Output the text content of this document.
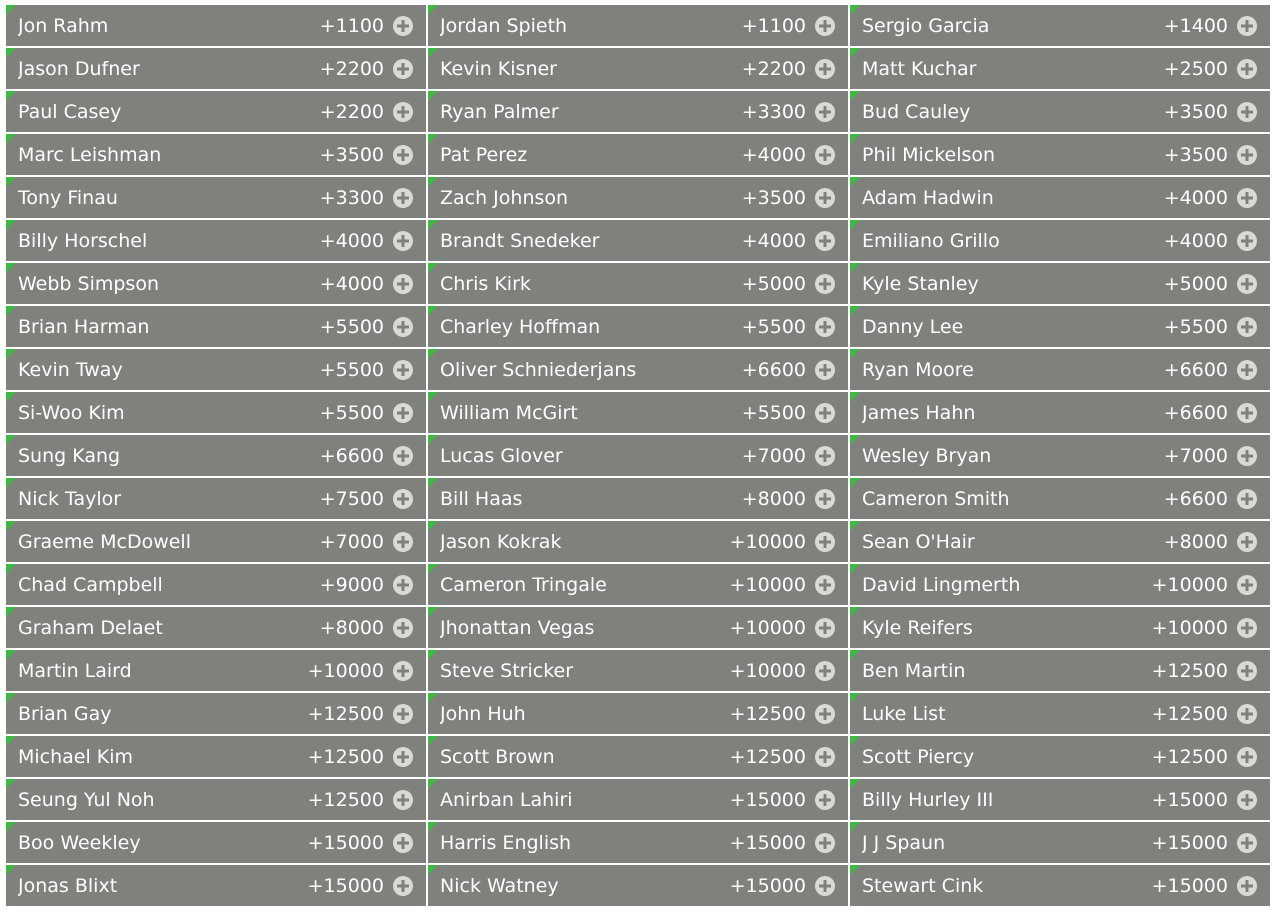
Jon Rahm	+1100	Jordan Spieth	+1100	Sergio Garcia	+1400
Jason Dufner	+2200	Kevin Kisner	+2200	Matt Kuchar	+2500
Paul Casey	+2200	Ryan Palmer	+3300	Bud Cauley	+3500
Marc Leishman	+3500	Pat Perez	+4000	Phil Mickelson	+3500
Tony Finau	+3300	Zach Johnson	+3500	Adam Hadwin	+4000
Billy Horschel	+4000	Brandt Snedeker	+4000	Emiliano Grillo	+4000
Webb Simpson	+4000	Chris Kirk	+5000	Kyle Stanley	+5000
Brian Harman	+5500	Charley Hoffman	+5500	Danny Lee	+5500
Kevin Tway	+5500	Oliver Schniederjans	+6600	Ryan Moore	+6600
Si-Woo Kim	+5500	William McGirt	+5500	James Hahn	+6600
Sung Kang	+6600	Lucas Glover	+7000	Wesley Bryan	+7000
Nick Taylor	+7500	Bill Haas	+8000	Cameron Smith	+6600
Graeme McDowell	+7000	Jason Kokrak	+10000	Sean O'Hair	+8000
Chad Campbell	+9000	Cameron Tringale	+10000	David Lingmerth	+10000
Graham Delaet	+8000	Jhonattan Vegas	+10000	Kyle Reifers	+10000
Martin Laird	+10000	Steve Stricker	+10000	Ben Martin	+12500
Brian Gay	+12500	John Huh	+12500	Luke List	+12500
Michael Kim	+12500	Scott Brown	+12500	Scott Piercy	+12500
Seung Yul Noh	+12500	Anirban Lahiri	+15000	Billy Hurley III	+15000
Boo Weekley	+15000	Harris English	+15000	J J Spaun	+15000
Jonas Blixt	+15000	Nick Watney	+15000	Stewart Cink	+15000
